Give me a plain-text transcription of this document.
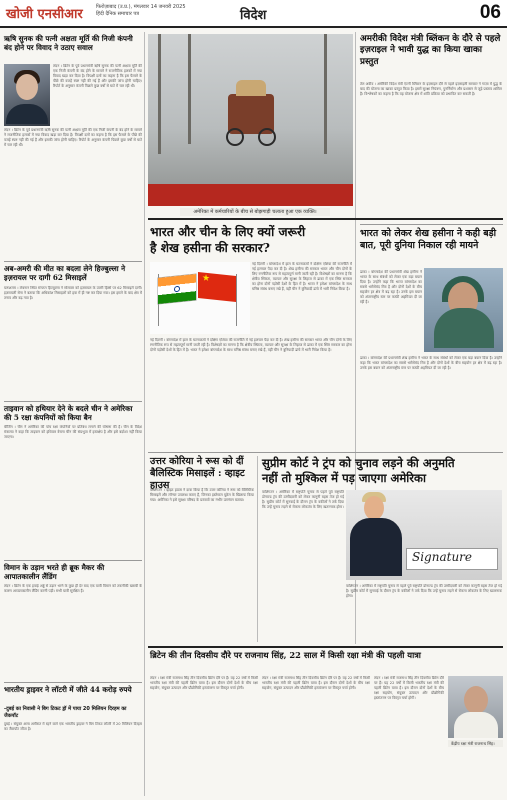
खोजी एनसीआर	फिरोज़ाबाद (उ.प्र.), मंगलवार 14 जनवरी 2025
हिंदी दैनिक समाचार पत्र	विदेश	06
ऋषि सुनक की पत्नी अक्षता मूर्ति की निजी कंपनी बंद होने पर विवाद ने उठाए सवाल
लंदन । ब्रिटेन के पूर्व प्रधानमंत्री ऋषि सुनक की पत्नी अक्षता मूर्ति की एक निजी कंपनी के बंद होने के मामले ने राजनीतिक हलकों में नया विवाद खड़ा कर दिया है। विपक्षी दलों का कहना है कि इस फैसले के पीछे की वजहें स्पष्ट नहीं की गई हैं और इसकी जांच होनी चाहिए। रिपोर्ट के अनुसार कंपनी पिछले कुछ वर्षों से घाटे में चल रही थी।
लंदन । ब्रिटेन के पूर्व प्रधानमंत्री ऋषि सुनक की पत्नी अक्षता मूर्ति की एक निजी कंपनी के बंद होने के मामले ने राजनीतिक हलकों में नया विवाद खड़ा कर दिया है। विपक्षी दलों का कहना है कि इस फैसले के पीछे की वजहें स्पष्ट नहीं की गई हैं और इसकी जांच होनी चाहिए। रिपोर्ट के अनुसार कंपनी पिछले कुछ वर्षों से घाटे में चल रही थी।
अब-अमरी की मीत का बदला लेने हिज्बुल्ला ने इज़रायल पर दागी 62 मिसाइलें
यरूशलम । लेबनान स्थित संगठन हिज्बुल्ला ने सोमवार को इज़रायल के उत्तरी हिस्से पर 62 मिसाइलें दागीं। इज़रायली सेना ने बताया कि अधिकांश मिसाइलों को हवा में ही नष्ट कर दिया गया। इस हमले के बाद क्षेत्र में तनाव और बढ़ गया है।
ताइवान को हथियार देने के बदले चीन ने अमेरिका की 5 रक्षा कंपनियों को किया बैन
बीजिंग । चीन ने अमेरिका की पांच रक्षा कंपनियों पर प्रतिबंध लगाने की घोषणा की है। चीन के विदेश मंत्रालय ने कहा कि ताइवान को हथियार बेचना चीन की संप्रभुता में हस्तक्षेप है और इसे बर्दाश्त नहीं किया जाएगा।
विमान के उड़ान भरते ही ब्रूक मैकर की आपातकालीन लैंडिंग
लंदन । ब्रिटेन के एक हवाई अड्डे से उड़ान भरने के कुछ ही देर बाद एक यात्री विमान को तकनीकी खराबी के कारण आपातकालीन लैंडिंग करनी पड़ी। सभी यात्री सुरक्षित हैं।
भारतीय ड्राइवर ने लॉटरी में जीते 44 करोड़ रुपये
-दुबई का निवासी ने बिग टिकट ड्रॉ में पाया 20 मिलियन दिरहम का जैकपॉट
दुबई । संयुक्त अरब अमीरात में रहने वाले एक भारतीय ड्राइवर ने बिग टिकट लॉटरी में 20 मिलियन दिरहम का जैकपॉट जीता है।
अमेरिका में कर्मचारियों के बीच से बोझगाड़ी चलाता हुआ एक व्यक्ति।
भारत और चीन के लिए क्यों जरूरी
है शेख हसीना की सरकार?
★
नई दिल्ली । बांग्लादेश में हाल के घटनाक्रमों ने दक्षिण एशिया की राजनीति में नई हलचल पैदा कर दी है। शेख हसीना की सरकार भारत और चीन दोनों के लिए रणनीतिक रूप से महत्वपूर्ण मानी जाती रही है। विशेषज्ञों का मानना है कि क्षेत्रीय स्थिरता, व्यापार और सुरक्षा के लिहाज से ढाका में एक स्थिर सरकार का होना दोनों पड़ोसी देशों के हित में है। भारत ने हमेशा बांग्लादेश के साथ घनिष्ठ संबंध बनाए रखे हैं, वहीं चीन ने बुनियादी ढांचे में भारी निवेश किया है।
नई दिल्ली । बांग्लादेश में हाल के घटनाक्रमों ने दक्षिण एशिया की राजनीति में नई हलचल पैदा कर दी है। शेख हसीना की सरकार भारत और चीन दोनों के लिए रणनीतिक रूप से महत्वपूर्ण मानी जाती रही है। विशेषज्ञों का मानना है कि क्षेत्रीय स्थिरता, व्यापार और सुरक्षा के लिहाज से ढाका में एक स्थिर सरकार का होना दोनों पड़ोसी देशों के हित में है। भारत ने हमेशा बांग्लादेश के साथ घनिष्ठ संबंध बनाए रखे हैं, वहीं चीन ने बुनियादी ढांचे में भारी निवेश किया है।
उत्तर कोरिया ने रूस को दीं बैलिस्टिक मिसाइलें : व्हाइट हाउस
वाशिंगटन । व्हाइट हाउस ने दावा किया है कि उत्तर कोरिया ने रूस को बैलिस्टिक मिसाइलें और लॉन्चर उपलब्ध कराए हैं, जिनका इस्तेमाल यूक्रेन के खिलाफ किया गया। अमेरिका ने इसे सुरक्षा परिषद के प्रस्तावों का गंभीर उल्लंघन बताया।
सुप्रीम कोर्ट ने ट्रंप को चुनाव लड़ने की अनुमति
नहीं तो मुश्किल में पड़ जाएगा अमेरिका
वाशिंगटन । अमेरिका में राष्ट्रपति चुनाव से पहले पूर्व राष्ट्रपति डोनाल्ड ट्रंप की उम्मीदवारी को लेकर कानूनी बहस तेज हो गई है। सुप्रीम कोर्ट में सुनवाई के दौरान ट्रंप के वकीलों ने तर्क दिया कि उन्हें चुनाव लड़ने से रोकना लोकतंत्र के लिए खतरनाक होगा।
Signature
वाशिंगटन । अमेरिका में राष्ट्रपति चुनाव से पहले पूर्व राष्ट्रपति डोनाल्ड ट्रंप की उम्मीदवारी को लेकर कानूनी बहस तेज हो गई है। सुप्रीम कोर्ट में सुनवाई के दौरान ट्रंप के वकीलों ने तर्क दिया कि उन्हें चुनाव लड़ने से रोकना लोकतंत्र के लिए खतरनाक होगा।
ब्रिटेन की तीन दिवसीय दौरे पर राजनाथ सिंह, 22 साल में किसी रक्षा मंत्री की पहली यात्रा
लंदन । रक्षा मंत्री राजनाथ सिंह तीन दिवसीय ब्रिटेन दौरे पर हैं। यह 22 वर्षों में किसी भारतीय रक्षा मंत्री की पहली ब्रिटेन यात्रा है। इस दौरान दोनों देशों के बीच रक्षा सहयोग, संयुक्त उत्पादन और प्रौद्योगिकी हस्तांतरण पर विस्तृत चर्चा होगी।
लंदन । रक्षा मंत्री राजनाथ सिंह तीन दिवसीय ब्रिटेन दौरे पर हैं। यह 22 वर्षों में किसी भारतीय रक्षा मंत्री की पहली ब्रिटेन यात्रा है। इस दौरान दोनों देशों के बीच रक्षा सहयोग, संयुक्त उत्पादन और प्रौद्योगिकी हस्तांतरण पर विस्तृत चर्चा होगी।
लंदन । रक्षा मंत्री राजनाथ सिंह तीन दिवसीय ब्रिटेन दौरे पर हैं। यह 22 वर्षों में किसी भारतीय रक्षा मंत्री की पहली ब्रिटेन यात्रा है। इस दौरान दोनों देशों के बीच रक्षा सहयोग, संयुक्त उत्पादन और प्रौद्योगिकी हस्तांतरण पर विस्तृत चर्चा होगी।
केंद्रीय रक्षा मंत्री राजनाथ सिंह।
अमरीकी विदेश मंत्री ब्लिंकन के दौरे से पहले इज़राइल ने भावी युद्ध का किया खाका प्रस्तुत
तेल अवीव । अमेरिकी विदेश मंत्री एंटनी ब्लिंकन के इज़राइल दौरे से पहले इज़राइली सरकार ने गाज़ा में युद्ध के बाद की योजना का खाका प्रस्तुत किया है। इसमें सुरक्षा नियंत्रण, पुनर्निर्माण और प्रशासन से जुड़े प्रस्ताव शामिल हैं। विश्लेषकों का कहना है कि यह योजना क्षेत्र में शांति प्रक्रिया को प्रभावित कर सकती है।
भारत को लेकर शेख हसीना ने कही बड़ी बात, पूरी दुनिया निकाल रही मायने
ढाका । बांग्लादेश की प्रधानमंत्री शेख हसीना ने भारत के साथ संबंधों को लेकर एक बड़ा बयान दिया है। उन्होंने कहा कि भारत बांग्लादेश का सबसे भरोसेमंद मित्र है और दोनों देशों के बीच सहयोग हर क्षेत्र में बढ़ रहा है। उनके इस बयान को अंतरराष्ट्रीय स्तर पर काफी अहमियत दी जा रही है।
ढाका । बांग्लादेश की प्रधानमंत्री शेख हसीना ने भारत के साथ संबंधों को लेकर एक बड़ा बयान दिया है। उन्होंने कहा कि भारत बांग्लादेश का सबसे भरोसेमंद मित्र है और दोनों देशों के बीच सहयोग हर क्षेत्र में बढ़ रहा है। उनके इस बयान को अंतरराष्ट्रीय स्तर पर काफी अहमियत दी जा रही है।
